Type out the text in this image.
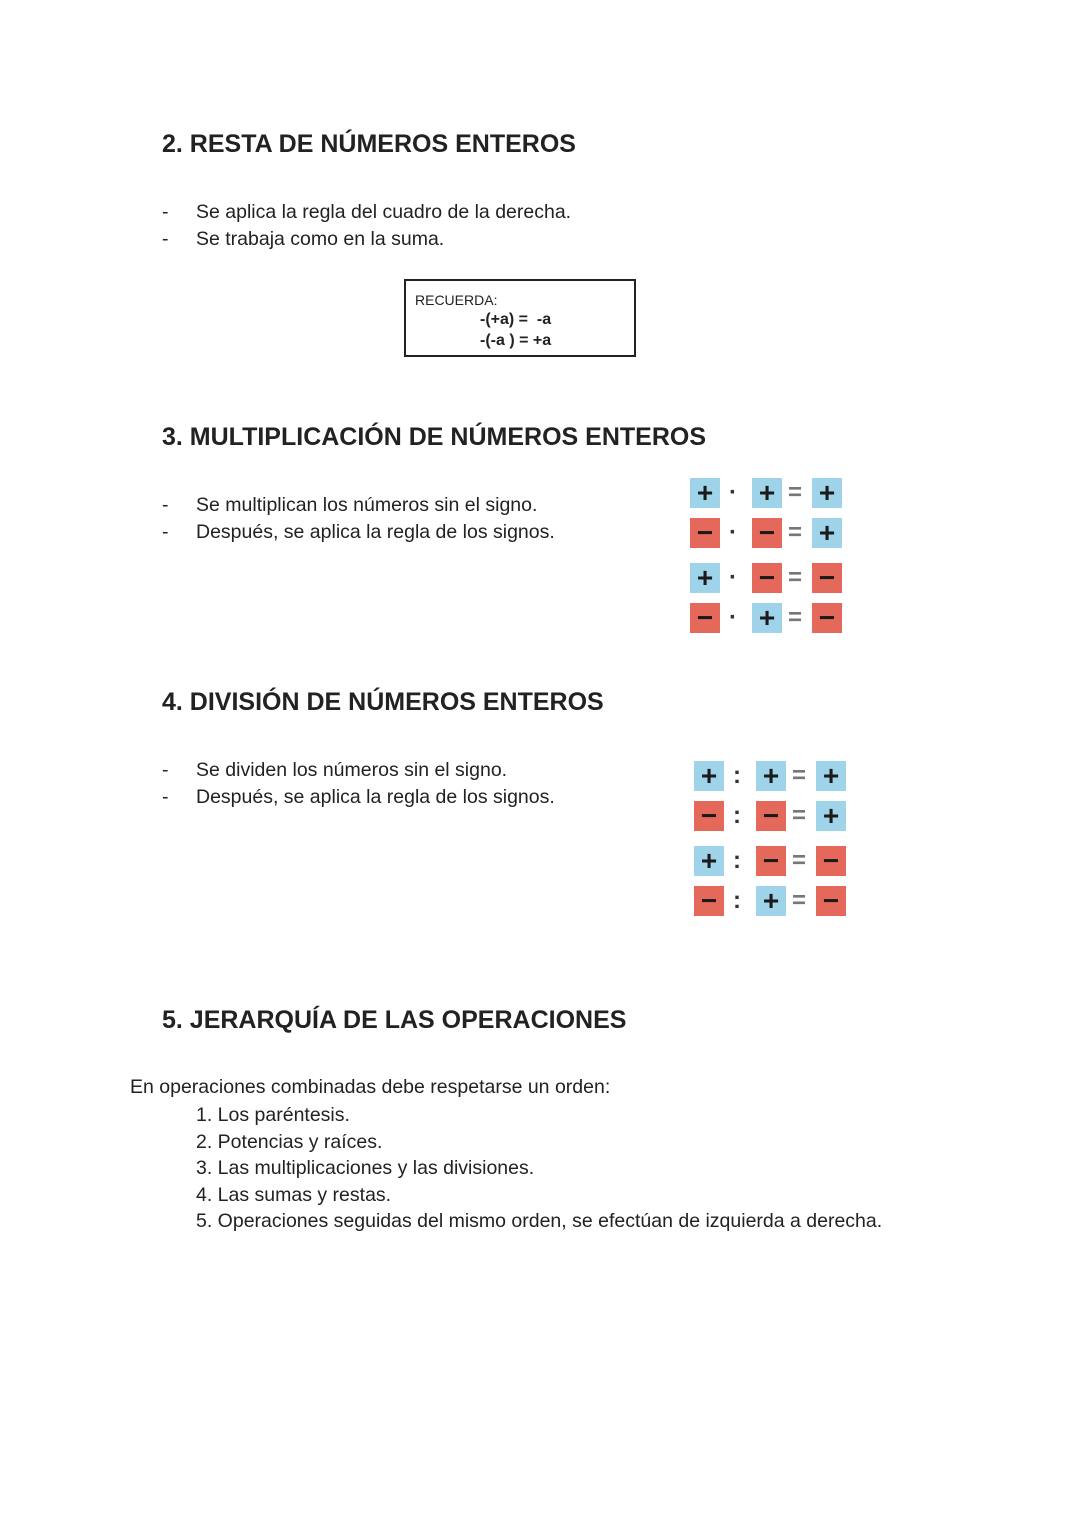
2. RESTA DE NÚMEROS ENTEROS
- Se aplica la regla del cuadro de la derecha.
- Se trabaja como en la suma.
RECUERDA:
-(+a) =  -a
-(-a ) = +a
3. MULTIPLICACIÓN DE NÚMEROS ENTEROS
- Se multiplican los números sin el signo.
- Después, se aplica la regla de los signos.
+ · + = +
− · − = +
+ · − = −
− · + = −
4. DIVISIÓN DE NÚMEROS ENTEROS
- Se dividen los números sin el signo.
- Después, se aplica la regla de los signos.
+ : + = +
− : − = +
+ : − = −
− : + = −
5. JERARQUÍA DE LAS OPERACIONES

En operaciones combinadas debe respetarse un orden:

1. Los paréntesis.
2. Potencias y raíces.
3. Las multiplicaciones y las divisiones.
4. Las sumas y restas.
5. Operaciones seguidas del mismo orden, se efectúan de izquierda a derecha.
